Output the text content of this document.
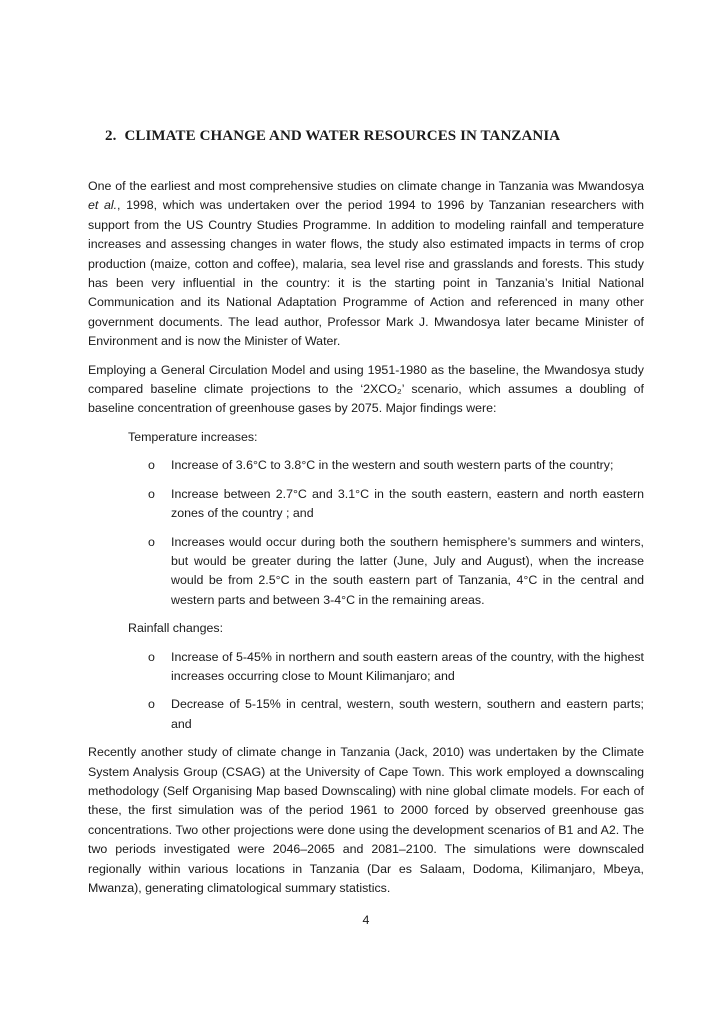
2. CLIMATE CHANGE AND WATER RESOURCES IN TANZANIA

One of the earliest and most comprehensive studies on climate change in Tanzania was Mwandosya et al., 1998, which was undertaken over the period 1994 to 1996 by Tanzanian researchers with support from the US Country Studies Programme. In addition to modeling rainfall and temperature increases and assessing changes in water flows, the study also estimated impacts in terms of crop production (maize, cotton and coffee), malaria, sea level rise and grasslands and forests. This study has been very influential in the country: it is the starting point in Tanzania’s Initial National Communication and its National Adaptation Programme of Action and referenced in many other government documents. The lead author, Professor Mark J. Mwandosya later became Minister of Environment and is now the Minister of Water.

Employing a General Circulation Model and using 1951-1980 as the baseline, the Mwandosya study compared baseline climate projections to the ‘2XCO₂’ scenario, which assumes a doubling of baseline concentration of greenhouse gases by 2075. Major findings were:

Temperature increases:
o Increase of 3.6°C to 3.8°C in the western and south western parts of the country;
o Increase between 2.7°C and 3.1°C in the south eastern, eastern and north eastern zones of the country ; and
o Increases would occur during both the southern hemisphere’s summers and winters, but would be greater during the latter (June, July and August), when the increase would be from 2.5°C in the south eastern part of Tanzania, 4°C in the central and western parts and between 3-4°C in the remaining areas.
Rainfall changes:
o Increase of 5-45% in northern and south eastern areas of the country, with the highest increases occurring close to Mount Kilimanjaro; and
o Decrease of 5-15% in central, western, south western, southern and eastern parts; and

Recently another study of climate change in Tanzania (Jack, 2010) was undertaken by the Climate System Analysis Group (CSAG) at the University of Cape Town. This work employed a downscaling methodology (Self Organising Map based Downscaling) with nine global climate models. For each of these, the first simulation was of the period 1961 to 2000 forced by observed greenhouse gas concentrations. Two other projections were done using the development scenarios of B1 and A2. The two periods investigated were 2046–2065 and 2081–2100. The simulations were downscaled regionally within various locations in Tanzania (Dar es Salaam, Dodoma, Kilimanjaro, Mbeya, Mwanza), generating climatological summary statistics.

4
